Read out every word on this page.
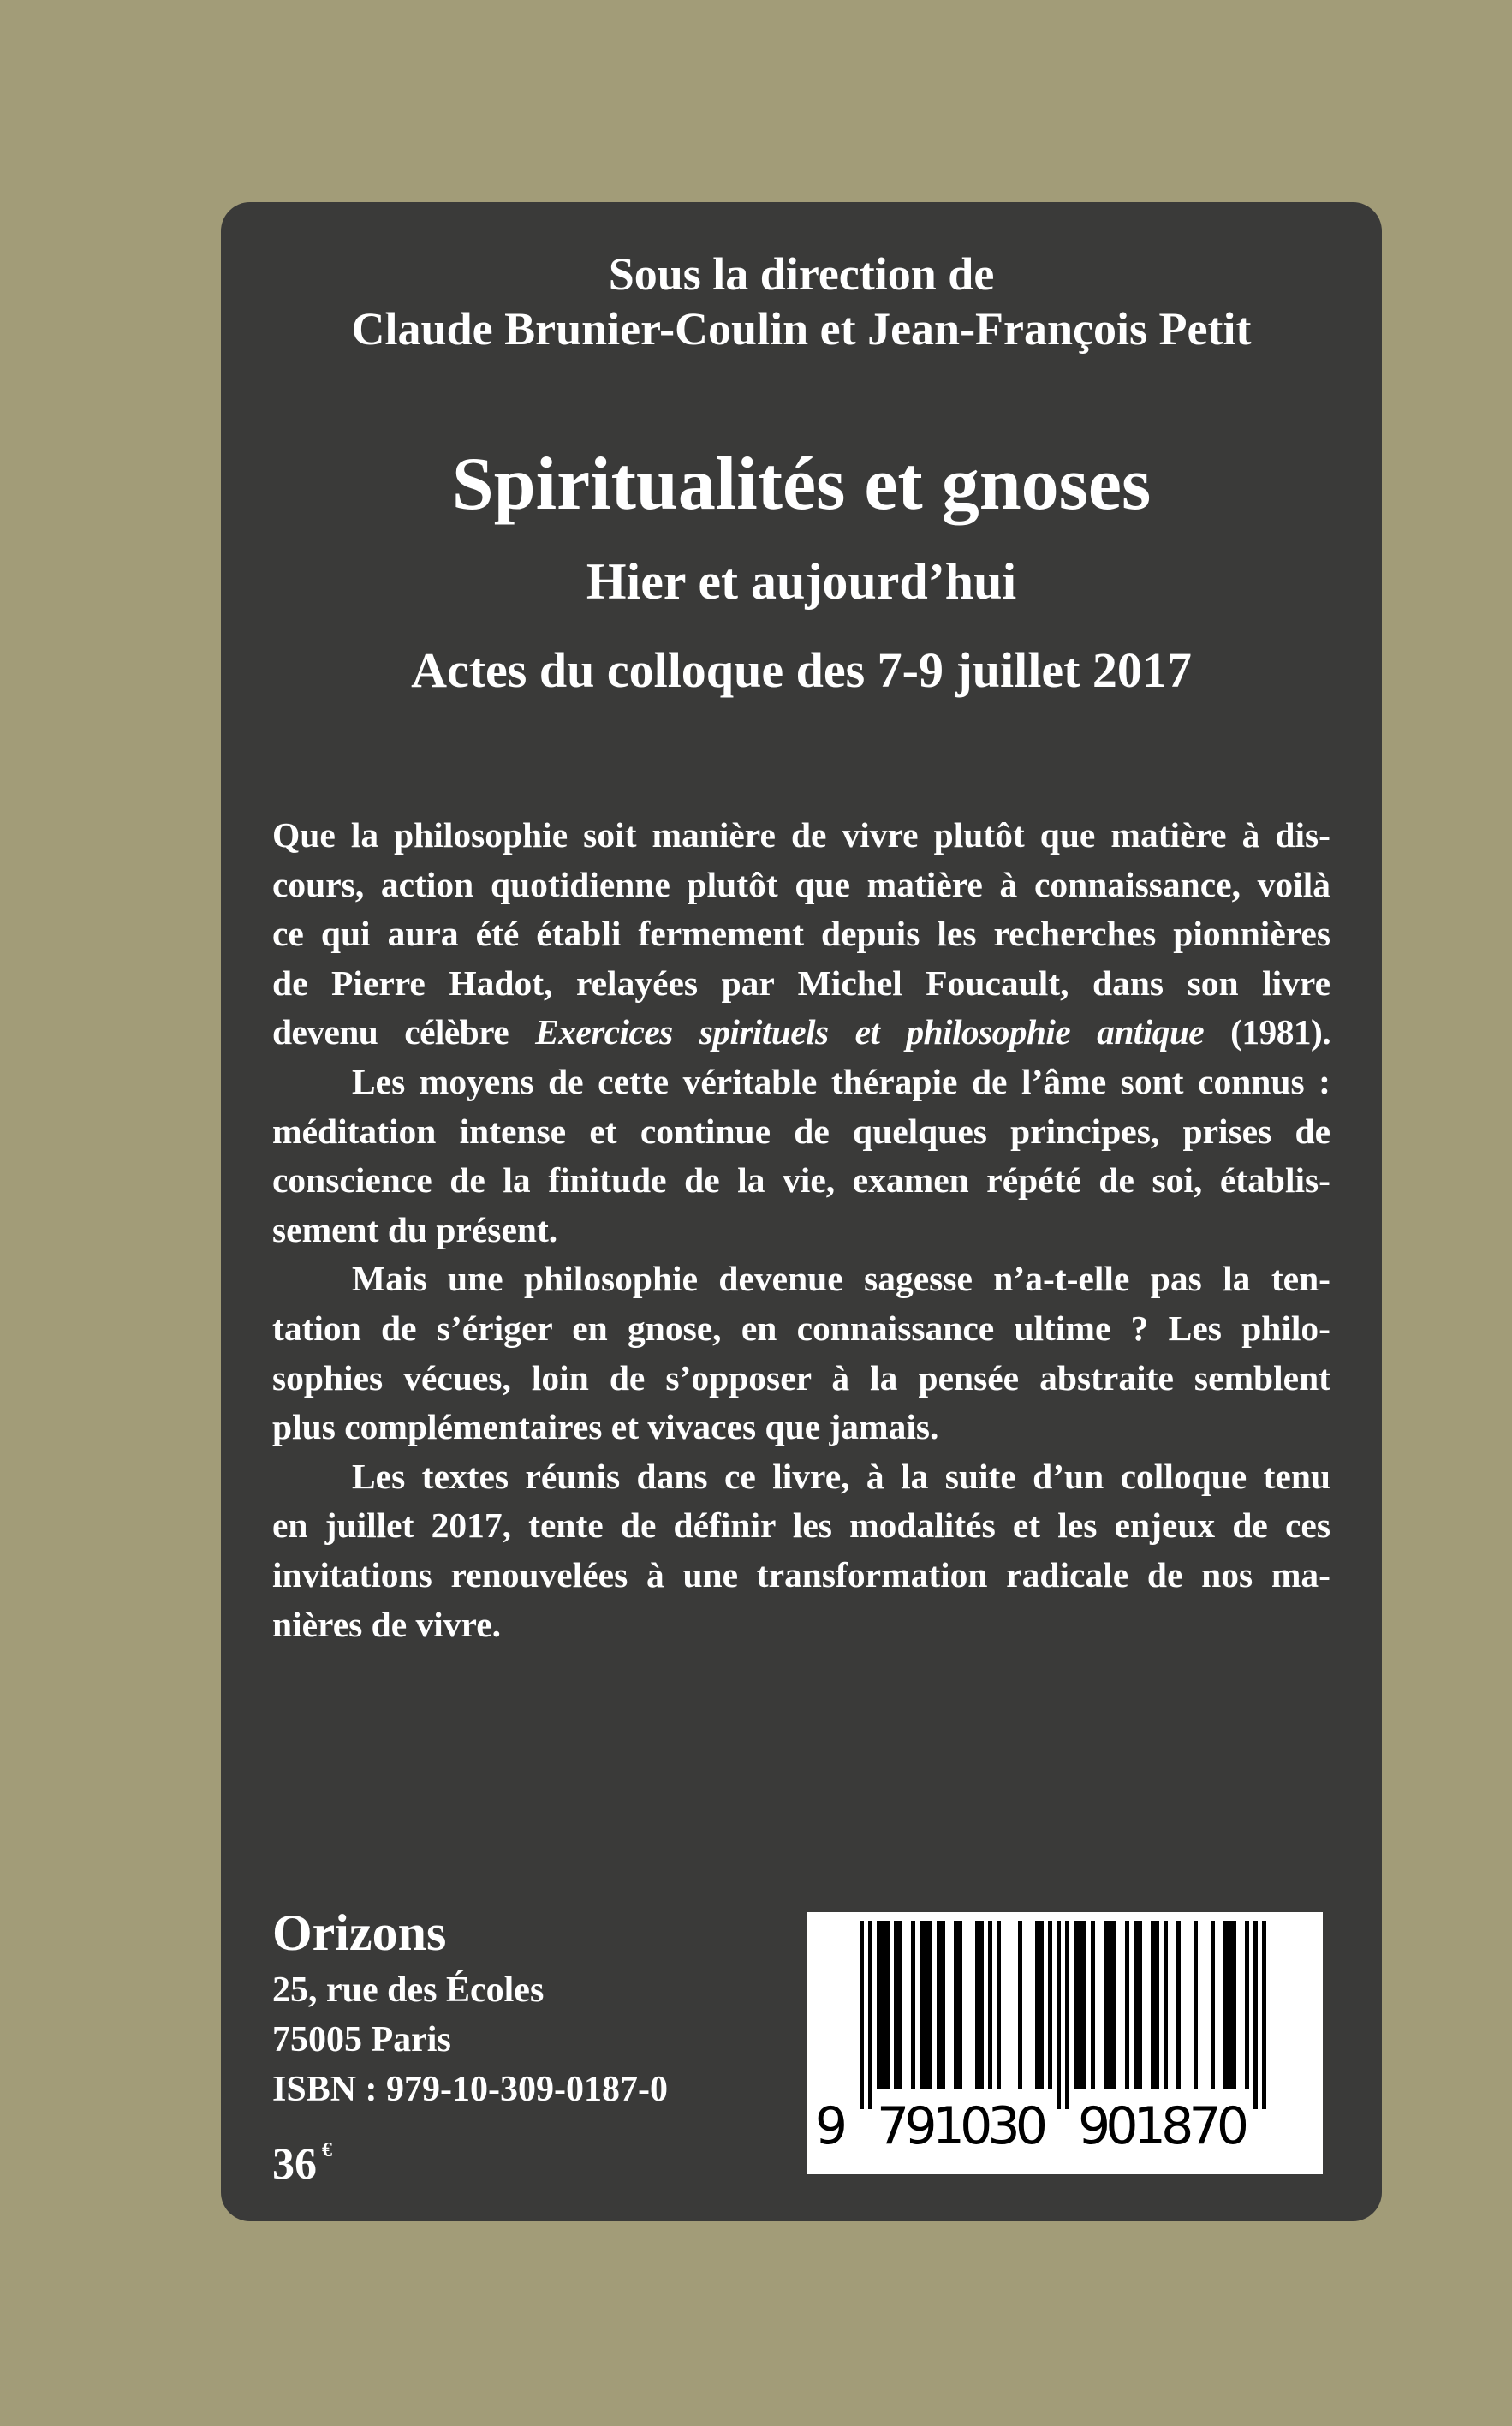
Sous la direction de
Claude Brunier-Coulin et Jean-François Petit
Spiritualités et gnoses
Hier et aujourd’hui
Actes du colloque des 7-9 juillet 2017
Que la philosophie soit manière de vivre plutôt que matière à dis-
cours, action quotidienne plutôt que matière à connaissance, voilà
ce qui aura été établi fermement depuis les recherches pionnières
de Pierre Hadot, relayées par Michel Foucault, dans son livre
devenu célèbre Exercices spirituels et philosophie antique (1981).
Les moyens de cette véritable thérapie de l’âme sont connus :
méditation intense et continue de quelques principes, prises de
conscience de la finitude de la vie, examen répété de soi, établis-
sement du présent.
Mais une philosophie devenue sagesse n’a-t-elle pas la ten-
tation de s’ériger en gnose, en connaissance ultime ? Les philo-
sophies vécues, loin de s’opposer à la pensée abstraite semblent
plus complémentaires et vivaces que jamais.
Les textes réunis dans ce livre, à la suite d’un colloque tenu
en juillet 2017, tente de définir les modalités et les enjeux de ces
invitations renouvelées à une transformation radicale de nos ma-
nières de vivre.
Orizons
25, rue des Écoles
75005 Paris
ISBN : 979-10-309-0187-0
36 €	9 791030 901870
